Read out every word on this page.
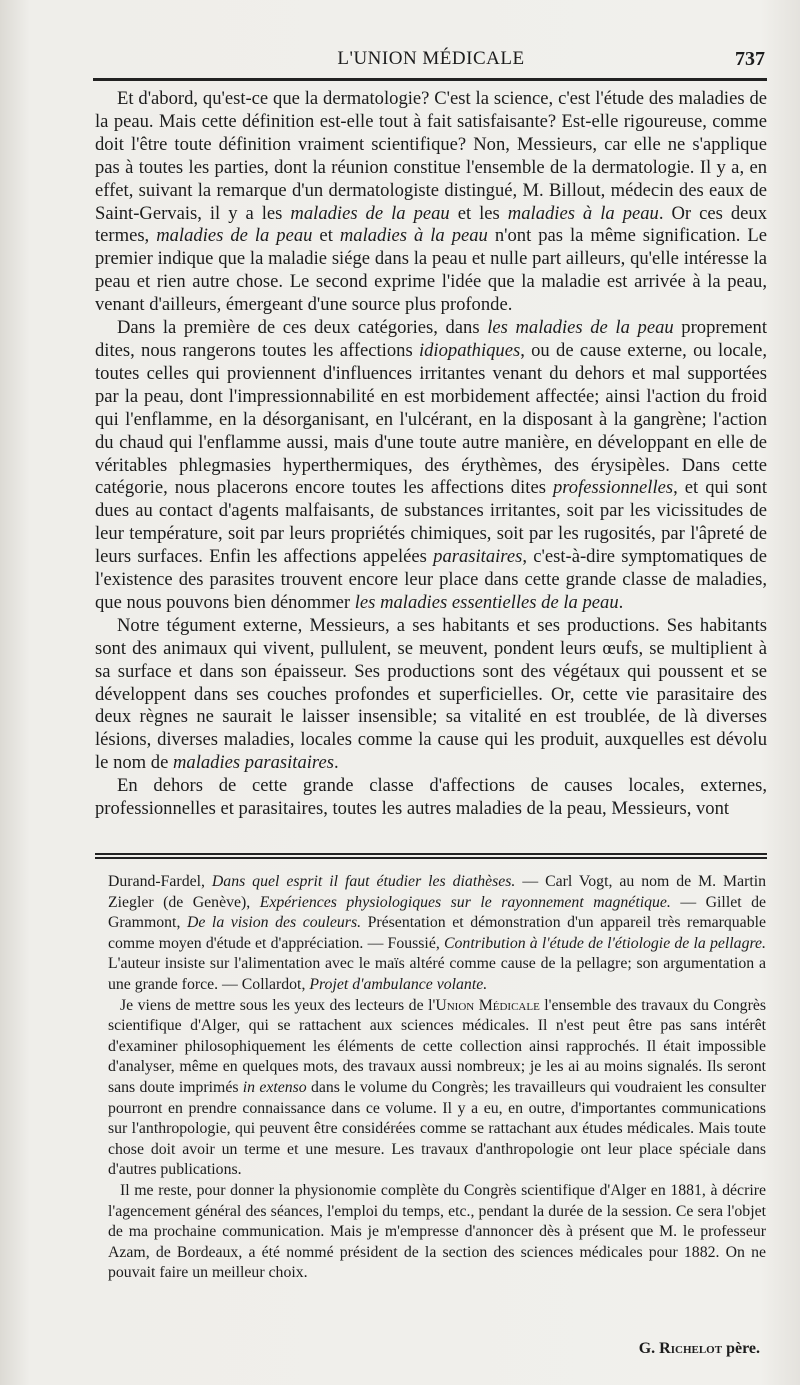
L'UNION MÉDICALE	737

Et d'abord, qu'est-ce que la dermatologie? C'est la science, c'est l'étude des maladies de la peau. Mais cette définition est-elle tout à fait satisfaisante? Est-elle rigoureuse, comme doit l'être toute définition vraiment scientifique? Non, Messieurs, car elle ne s'applique pas à toutes les parties, dont la réunion constitue l'ensemble de la dermatologie. Il y a, en effet, suivant la remarque d'un dermatologiste distingué, M. Billout, médecin des eaux de Saint-Gervais, il y a les maladies de la peau et les maladies à la peau. Or ces deux termes, maladies de la peau et maladies à la peau n'ont pas la même signification. Le premier indique que la maladie siége dans la peau et nulle part ailleurs, qu'elle intéresse la peau et rien autre chose. Le second exprime l'idée que la maladie est arrivée à la peau, venant d'ailleurs, émergeant d'une source plus profonde.

Dans la première de ces deux catégories, dans les maladies de la peau proprement dites, nous rangerons toutes les affections idiopathiques, ou de cause externe, ou locale, toutes celles qui proviennent d'influences irritantes venant du dehors et mal supportées par la peau, dont l'impressionnabilité en est morbidement affectée; ainsi l'action du froid qui l'enflamme, en la désorganisant, en l'ulcérant, en la disposant à la gangrène; l'action du chaud qui l'enflamme aussi, mais d'une toute autre manière, en développant en elle de véritables phlegmasies hyperthermiques, des érythèmes, des érysipèles. Dans cette catégorie, nous placerons encore toutes les affections dites professionnelles, et qui sont dues au contact d'agents malfaisants, de substances irritantes, soit par les vicissitudes de leur température, soit par leurs propriétés chimiques, soit par les rugosités, par l'âpreté de leurs surfaces. Enfin les affections appelées parasitaires, c'est-à-dire symptomatiques de l'existence des parasites trouvent encore leur place dans cette grande classe de maladies, que nous pouvons bien dénommer les maladies essentielles de la peau.

Notre tégument externe, Messieurs, a ses habitants et ses productions. Ses habitants sont des animaux qui vivent, pullulent, se meuvent, pondent leurs œufs, se multiplient à sa surface et dans son épaisseur. Ses productions sont des végétaux qui poussent et se développent dans ses couches profondes et superficielles. Or, cette vie parasitaire des deux règnes ne saurait le laisser insensible; sa vitalité en est troublée, de là diverses lésions, diverses maladies, locales comme la cause qui les produit, auxquelles est dévolu le nom de maladies parasitaires.

En dehors de cette grande classe d'affections de causes locales, externes, professionnelles et parasitaires, toutes les autres maladies de la peau, Messieurs, vont

Durand-Fardel, Dans quel esprit il faut étudier les diathèses. — Carl Vogt, au nom de M. Martin Ziegler (de Genève), Expériences physiologiques sur le rayonnement magnétique. — Gillet de Grammont, De la vision des couleurs. Présentation et démonstration d'un appareil très remarquable comme moyen d'étude et d'appréciation. — Foussié, Contribution à l'étude de l'étiologie de la pellagre. L'auteur insiste sur l'alimentation avec le maïs altéré comme cause de la pellagre; son argumentation a une grande force. — Collardot, Projet d'ambulance volante.

Je viens de mettre sous les yeux des lecteurs de l'Union Médicale l'ensemble des travaux du Congrès scientifique d'Alger, qui se rattachent aux sciences médicales. Il n'est peut être pas sans intérêt d'examiner philosophiquement les éléments de cette collection ainsi rapprochés. Il était impossible d'analyser, même en quelques mots, des travaux aussi nombreux; je les ai au moins signalés. Ils seront sans doute imprimés in extenso dans le volume du Congrès; les travailleurs qui voudraient les consulter pourront en prendre connaissance dans ce volume. Il y a eu, en outre, d'importantes communications sur l'anthropologie, qui peuvent être considérées comme se rattachant aux études médicales. Mais toute chose doit avoir un terme et une mesure. Les travaux d'anthropologie ont leur place spéciale dans d'autres publications.

Il me reste, pour donner la physionomie complète du Congrès scientifique d'Alger en 1881, à décrire l'agencement général des séances, l'emploi du temps, etc., pendant la durée de la session. Ce sera l'objet de ma prochaine communication. Mais je m'empresse d'annoncer dès à présent que M. le professeur Azam, de Bordeaux, a été nommé président de la section des sciences médicales pour 1882. On ne pouvait faire un meilleur choix.

G. Richelot père.
